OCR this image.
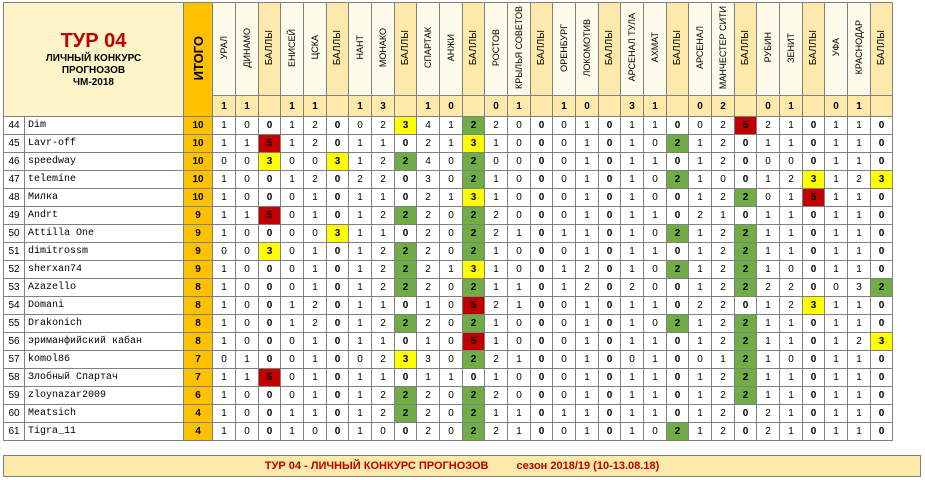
ТУР 04
ЛИЧНЫЙ КОНКУРС
ПРОГНОЗОВ
ЧМ-2018		ИТОГО	УРАЛ	ДИНАМО	БАЛЛЫ	ЕНИСЕЙ	ЦСКА	БАЛЛЫ	НАНТ	МОНАКО	БАЛЛЫ	СПАРТАК	АНЖИ	БАЛЛЫ	РОСТОВ	КРЫЛЬЯ СОВЕТОВ	БАЛЛЫ	ОРЕНБУРГ	ЛОКОМОТИВ	БАЛЛЫ	АРСЕНАЛ ТУЛА	АХМАТ	БАЛЛЫ	АРСЕНАЛ	МАНЧЕСТЕР СИТИ	БАЛЛЫ	РУБИН	ЗЕНИТ	БАЛЛЫ	УФА	КРАСНОДАР	БАЛЛЫ
			1	1		1	1		1	3		1	0		0	1		1	0		3	1		0	2		0	1		0	1	
44	Dim	10	1	0	0	1	2	0	0	2	3	4	1	2	2	0	0	0	1	0	1	1	0	0	2	5	2	1	0	1	1	0
45	Lavr-off	10	1	1	5	1	2	0	1	1	0	2	1	3	1	0	0	0	1	0	1	0	2	1	2	0	1	1	0	1	1	0
46	speedway	10	0	0	3	0	0	3	1	2	2	4	0	2	0	0	0	0	1	0	1	1	0	1	2	0	0	0	0	1	1	0
47	telemine	10	1	0	0	1	2	0	2	2	0	3	0	2	1	0	0	0	1	0	1	0	2	1	0	0	1	2	3	1	2	3
48	Милка	10	1	0	0	0	1	0	1	1	0	2	1	3	1	0	0	0	1	0	1	0	0	1	2	2	0	1	5	1	1	0
49	Andrt	9	1	1	5	0	1	0	1	2	2	2	0	2	2	0	0	0	1	0	1	1	0	2	1	0	1	1	0	1	1	0
50	Attilla One	9	1	0	0	0	0	3	1	1	0	2	0	2	2	1	0	1	1	0	1	0	2	1	2	2	1	1	0	1	1	0
51	dimitrossm	9	0	0	3	0	1	0	1	2	2	2	0	2	1	0	0	0	1	0	1	1	0	1	2	2	1	1	0	1	1	0
52	sherxan74	9	1	0	0	0	1	0	1	2	2	2	1	3	1	0	0	1	2	0	1	0	2	1	2	2	1	0	0	1	1	0
53	Azazello	8	1	0	0	0	1	0	1	2	2	2	0	2	1	1	0	1	2	0	2	0	0	1	2	2	2	2	0	0	3	2
54	Domani	8	1	0	0	1	2	0	1	1	0	1	0	5	2	1	0	0	1	0	1	1	0	2	2	0	1	2	3	1	1	0
55	Drakonich	8	1	0	0	1	2	0	1	2	2	2	0	2	1	0	0	0	1	0	1	0	2	1	2	2	1	1	0	1	1	0
56	эриманфийский кабан	8	1	0	0	0	1	0	1	1	0	1	0	5	1	0	0	0	1	0	1	1	0	1	2	2	1	1	0	1	2	3
57	komol86	7	0	1	0	0	1	0	0	2	3	3	0	2	2	1	0	0	1	0	0	1	0	0	1	2	1	0	0	1	1	0
58	Злобный Спартач	7	1	1	5	0	1	0	1	1	0	1	1	0	1	0	0	0	1	0	1	1	0	1	2	2	1	1	0	1	1	0
59	zloynazar2009	6	1	0	0	0	1	0	1	2	2	2	0	2	2	0	0	0	1	0	1	1	0	1	2	2	1	1	0	1	1	0
60	Meatsich	4	1	0	0	1	1	0	1	2	2	2	0	2	1	1	0	1	1	0	1	1	0	1	2	0	2	1	0	1	1	0
61	Tigra_11	4	1	0	0	1	0	0	1	0	0	2	0	2	2	1	0	0	1	0	1	0	2	1	2	0	2	1	0	1	1	0
ТУР 04 - ЛИЧНЫЙ КОНКУРС ПРОГНОЗОВ	сезон 2018/19 (10-13.08.18)
